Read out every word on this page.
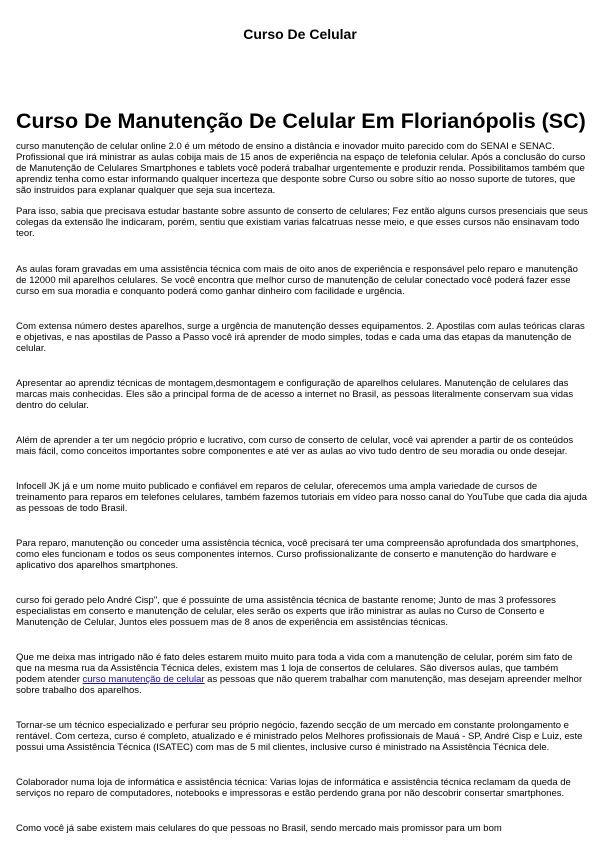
Curso De Celular
Curso De Manutenção De Celular Em Florianópolis (SC)

curso manutenção de celular online 2.0 é um método de ensino a distância e inovador muito parecido com do SENAI e SENAC. Profissional que irá ministrar as aulas cobija mais de 15 anos de experiência na espaço de telefonia celular. Após a conclusão do curso de Manutenção de Celulares Smartphones e tablets você poderá trabalhar urgentemente e produzir renda. Possibilitamos também que aprendiz tenha como estar informando qualquer incerteza que desponte sobre Curso ou sobre sítio ao nosso suporte de tutores, que são instruidos para explanar qualquer que seja sua incerteza.

Para isso, sabia que precisava estudar bastante sobre assunto de conserto de celulares; Fez então alguns cursos presenciais que seus colegas da extensão lhe indicaram, porém, sentiu que existiam varias falcatruas nesse meio, e que esses cursos não ensinavam todo teor.

As aulas foram gravadas em uma assistência técnica com mais de oito anos de experiência e responsável pelo reparo e manutenção de 12000 mil aparelhos celulares. Se você encontra que melhor curso de manutenção de celular conectado você poderá fazer esse curso em sua moradia e conquanto poderá como ganhar dinheiro com facilidade e urgência.

Com extensa número destes aparelhos, surge a urgência de manutenção desses equipamentos. 2. Apostilas com aulas teóricas claras e objetivas, e nas apostilas de Passo a Passo você irá aprender de modo simples, todas e cada uma das etapas da manutenção de celular.

Apresentar ao aprendiz técnicas de montagem,desmontagem e configuração de aparelhos celulares. Manutenção de celulares das marcas mais conhecidas. Eles são a principal forma de de acesso a internet no Brasil, as pessoas literalmente conservam sua vidas dentro do celular.

Além de aprender a ter um negócio próprio e lucrativo, com curso de conserto de celular, você vai aprender a partir de os conteúdos mais fácil, como conceitos importantes sobre componentes e até ver as aulas ao vivo tudo dentro de seu moradia ou onde desejar.

Infocell JK já e um nome muito publicado e confiável em reparos de celular, oferecemos uma ampla variedade de cursos de treinamento para reparos em telefones celulares, também fazemos tutoriais em vídeo para nosso canal do YouTube que cada dia ajuda as pessoas de todo Brasil.

Para reparo, manutenção ou conceder uma assistência técnica, você precisará ter uma compreensão aprofundada dos smartphones, como eles funcionam e todos os seus componentes internos. Curso profissionalizante de conserto e manutenção do hardware e aplicativo dos aparelhos smartphones.

curso foi gerado pelo André Cisp", que é possuinte de uma assistência técnica de bastante renome; Junto de mas 3 professores especialistas em conserto e manutenção de celular, eles serão os experts que irão ministrar as aulas no Curso de Conserto e Manutenção de Celular, Juntos eles possuem mas de 8 anos de experiência em assistências técnicas.

Que me deixa mas intrigado não é fato deles estarem muito muito para toda a vida com a manutenção de celular, porém sim fato de que na mesma rua da Assistência Técnica deles, existem mas 1 loja de consertos de celulares. São diversos aulas, que também podem atender curso manutenção de celular as pessoas que não querem trabalhar com manutenção, mas desejam apreender melhor sobre trabalho dos aparelhos.

Tornar-se um técnico especializado e perfurar seu próprio negócio, fazendo secção de um mercado em constante prolongamento e rentável. Com certeza, curso é completo, atualizado e é ministrado pelos Melhores profissionais de Mauá - SP, André Cisp e Luiz, este possui uma Assistência Técnica (ISATEC) com mas de 5 mil clientes, inclusive curso é ministrado na Assistência Técnica dele.

Colaborador numa loja de informática e assistência técnica: Varias lojas de informática e assistência técnica reclamam da queda de serviços no reparo de computadores, notebooks e impressoras e estão perdendo grana por não descobrir consertar smartphones.

Como você já sabe existem mais celulares do que pessoas no Brasil, sendo mercado mais promissor para um bom
